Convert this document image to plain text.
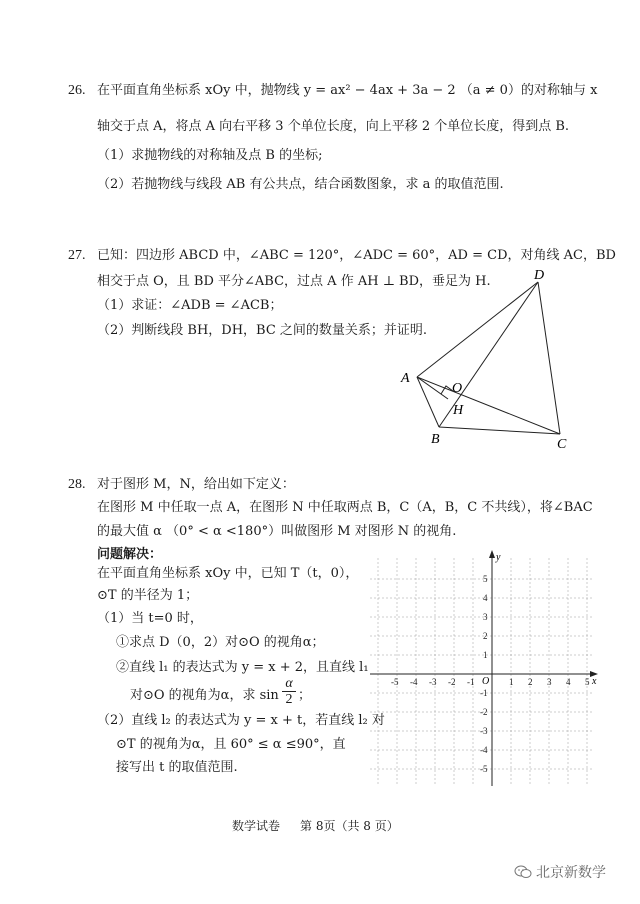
26. 在平面直角坐标系 xOy 中，抛物线 y = ax² − 4ax + 3a − 2 （a ≠ 0）的对称轴与 x
轴交于点 A，将点 A 向右平移 3 个单位长度，向上平移 2 个单位长度，得到点 B.
（1）求抛物线的对称轴及点 B 的坐标;
（2）若抛物线与线段 AB 有公共点，结合函数图象，求 a 的取值范围.
27. 已知：四边形 ABCD 中，∠ABC = 120°，∠ADC = 60°，AD = CD，对角线 AC，BD
相交于点 O，且 BD 平分∠ABC，过点 A 作 AH ⊥ BD，垂足为 H.
（1）求证：∠ADB = ∠ACB；
（2）判断线段 BH，DH，BC 之间的数量关系；并证明.
A
B	C
D
O
H
28. 对于图形 M，N，给出如下定义：
在图形 M 中任取一点 A，在图形 N 中任取两点 B，C（A，B，C 不共线），将∠BAC
的最大值 α （0° < α <180°）叫做图形 M 对图形 N 的视角.
问题解决：
在平面直角坐标系 xOy 中，已知 T（t，0），
⊙T 的半径为 1；
（1）当 t=0 时，
①求点 D（0，2）对⊙O 的视角α；
②直线 l₁ 的表达式为 y = x + 2，且直线 l₁
对⊙O 的视角为α，求 $\sin \frac{\alpha}{2}$ ；
（2）直线 l₂ 的表达式为 y = x + t，若直线 l₂ 对
⊙T 的视角为α，且 60° ≤ α ≤90°，直
接写出 t 的取值范围.
x
y
O
-5 -4 -3 -2 -1	1 2 3 4 5
5
4
3
2
1
-1
-2
-3
-4
-5
数学试卷 第 8页（共 8 页）
北京新数学
